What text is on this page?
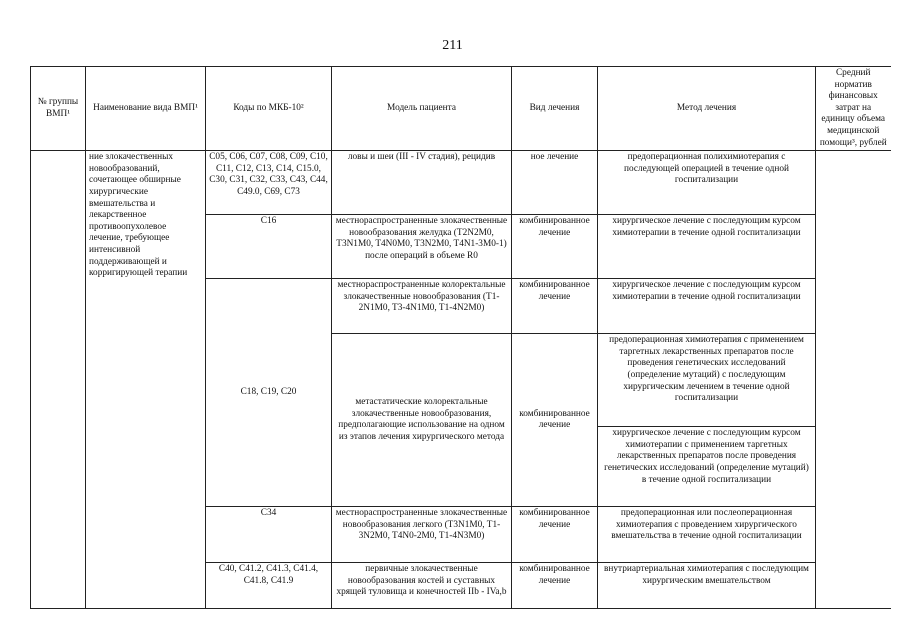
211
№ группы ВМП¹	Наименование вида ВМП¹	Коды по МКБ-10²	Модель пациента	Вид лечения	Метод лечения	Средний норматив финансовых затрат на единицу объема медицинской помощи³, рублей
	ние злокачественных новообразований, сочетающее обширные хирургические вмешательства и лекарственное противоопухолевое лечение, требующее интенсивной поддерживающей и корригирующей терапии	C05, C06, C07, C08, C09, C10, C11, C12, C13, C14, C15.0, C30, C31, C32, C33, C43, C44, C49.0, C69, C73	ловы и шеи (III - IV стадия), рецидив	ное лечение	предоперационная полихимиотерапия с последующей операцией в течение одной госпитализации	
		C16	местнораспространенные злокачественные новообразования желудка (T2N2M0, T3N1M0, T4N0M0, T3N2M0, T4N1-3M0-1) после операций в объеме R0	комбинированное лечение	хирургическое лечение с последующим курсом химиотерапии в течение одной госпитализации	
		C18, C19, C20	местнораспространенные колоректальные злокачественные новообразования (T1-2N1M0, T3-4N1M0, T1-4N2M0)	комбинированное лечение	хирургическое лечение с последующим курсом химиотерапии в течение одной госпитализации	
			метастатические колоректальные злокачественные новообразования, предполагающие использование на одном из этапов лечения хирургического метода	комбинированное лечение	предоперационная химиотерапия с применением таргетных лекарственных препаратов после проведения генетических исследований (определение мутаций) с последующим хирургическим лечением в течение одной госпитализации	
					хирургическое лечение с последующим курсом химиотерапии с применением таргетных лекарственных препаратов после проведения генетических исследований (определение мутаций) в течение одной госпитализации	
		C34	местнораспространенные злокачественные новообразования легкого (T3N1M0, T1-3N2M0, T4N0-2M0, T1-4N3M0)	комбинированное лечение	предоперационная или послеоперационная химиотерапия с проведением хирургического вмешательства в течение одной госпитализации	
		C40, C41.2, C41.3, C41.4, C41.8, C41.9	первичные злокачественные новообразования костей и суставных хрящей туловища и конечностей IIb - IVa,b	комбинированное лечение	внутриартериальная химиотерапия с последующим хирургическим вмешательством	
